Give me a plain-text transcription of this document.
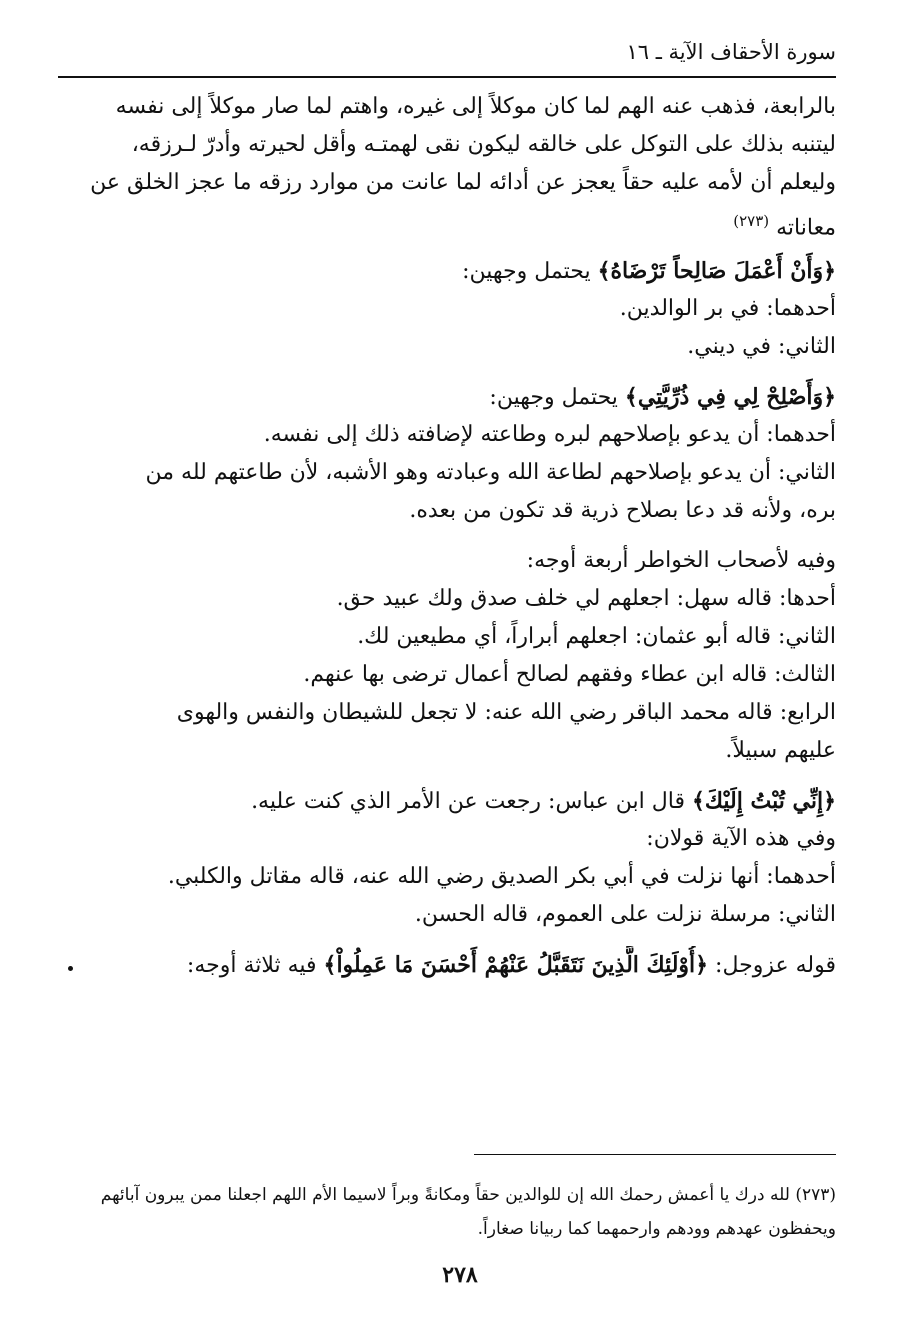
سورة الأحقاف الآية ـ ١٦
بالرابعة، فذهب عنه الهم لما كان موكلاً إلى غيره، واهتم لما صار موكلاً إلى نفسه
ليتنبه بذلك على التوكل على خالقه ليكون نقى لهمتـه وأقل لحيرته وأدرّ لـرزقه،
وليعلم أن لأمه عليه حقاً يعجز عن أدائه لما عانت من موارد رزقه ما عجز الخلق عن
معاناته $^{(٢٧٣)}$
﴿وَأَنْ أَعْمَلَ صَالِحاً تَرْضَاهُ﴾ يحتمل وجهين:
أحدهما: في بر الوالدين.
الثاني: في ديني.
﴿وَأَصْلِحْ لِي فِي ذُرِّيَّتِي﴾ يحتمل وجهين:
أحدهما: أن يدعو بإصلاحهم لبره وطاعته لإضافته ذلك إلى نفسه.
الثاني: أن يدعو بإصلاحهم لطاعة الله وعبادته وهو الأشبه، لأن طاعتهم لله من
بره، ولأنه قد دعا بصلاح ذرية قد تكون من بعده.
وفيه لأصحاب الخواطر أربعة أوجه:
أحدها: قاله سهل: اجعلهم لي خلف صدق ولك عبيد حق.
الثاني: قاله أبو عثمان: اجعلهم أبراراً، أي مطيعين لك.
الثالث: قاله ابن عطاء وفقهم لصالح أعمال ترضى بها عنهم.
الرابع: قاله محمد الباقر رضي الله عنه: لا تجعل للشيطان والنفس والهوى
عليهم سبيلاً.
﴿إِنِّي تُبْتُ إِلَيْكَ﴾ قال ابن عباس: رجعت عن الأمر الذي كنت عليه.
وفي هذه الآية قولان:
أحدهما: أنها نزلت في أبي بكر الصديق رضي الله عنه، قاله مقاتل والكلبي.
الثاني: مرسلة نزلت على العموم، قاله الحسن.
قوله عزوجل: ﴿أُوْلَئِكَ الَّذِينَ نَتَقَبَّلُ عَنْهُمْ أَحْسَنَ مَا عَمِلُواْ﴾ فيه ثلاثة أوجه:
(٢٧٣) لله درك يا أعمش رحمك الله إن للوالدين حقاً ومكانةً وبراً لاسيما الأم اللهم اجعلنا ممن يبرون آبائهم
ويحفظون عهدهم وودهم وارحمهما كما ربيانا صغاراً.
٢٧٨
